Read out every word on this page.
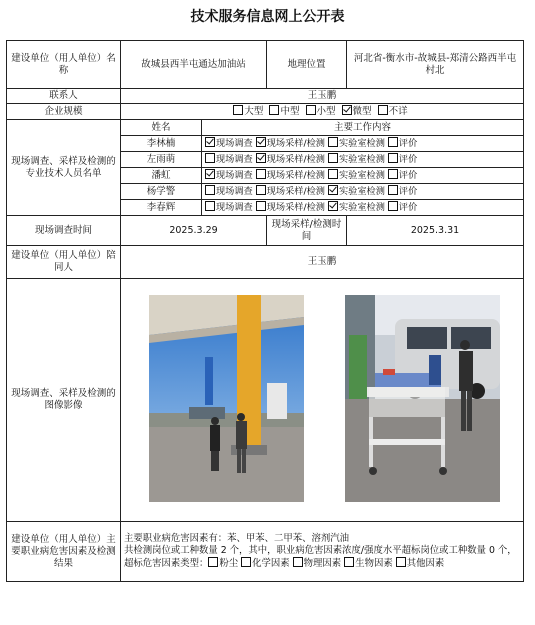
技术服务信息网上公开表
建设单位（用人单位）名称	故城县西半屯通达加油站		地理位置	河北省-衡水市-故城县-郑清公路西半屯村北
联系人	王玉鹏			
企业规模	大型 中型 小型 微型 不详			
现场调查、采样及检测的专业技术人员名单	姓名	主要工作内容		
	李林楠	现场调查 现场采样/检测 实验室检测 评价		
	左雨萌	现场调查 现场采样/检测 实验室检测 评价		
	潘虹	现场调查 现场采样/检测 实验室检测 评价		
	杨学警	现场调查 现场采样/检测 实验室检测 评价		
	李春辉	现场调查 现场采样/检测 实验室检测 评价		
现场调查时间	2025.3.29		现场采样/检测时间	2025.3.31
建设单位（用人单位）陪同人	王玉鹏			
现场调查、采样及检测的图像影像	

建设单位（用人单位）主要职业病危害因素及检测结果	主要职业病危害因素有：苯、甲苯、二甲苯、溶剂汽油
共检测岗位或工种数量 2 个，其中，职业病危害因素浓度/强度水平超标岗位或工种数量 0 个，超标危害因素类型： 粉尘 化学因素 物理因素 生物因素 其他因素			
